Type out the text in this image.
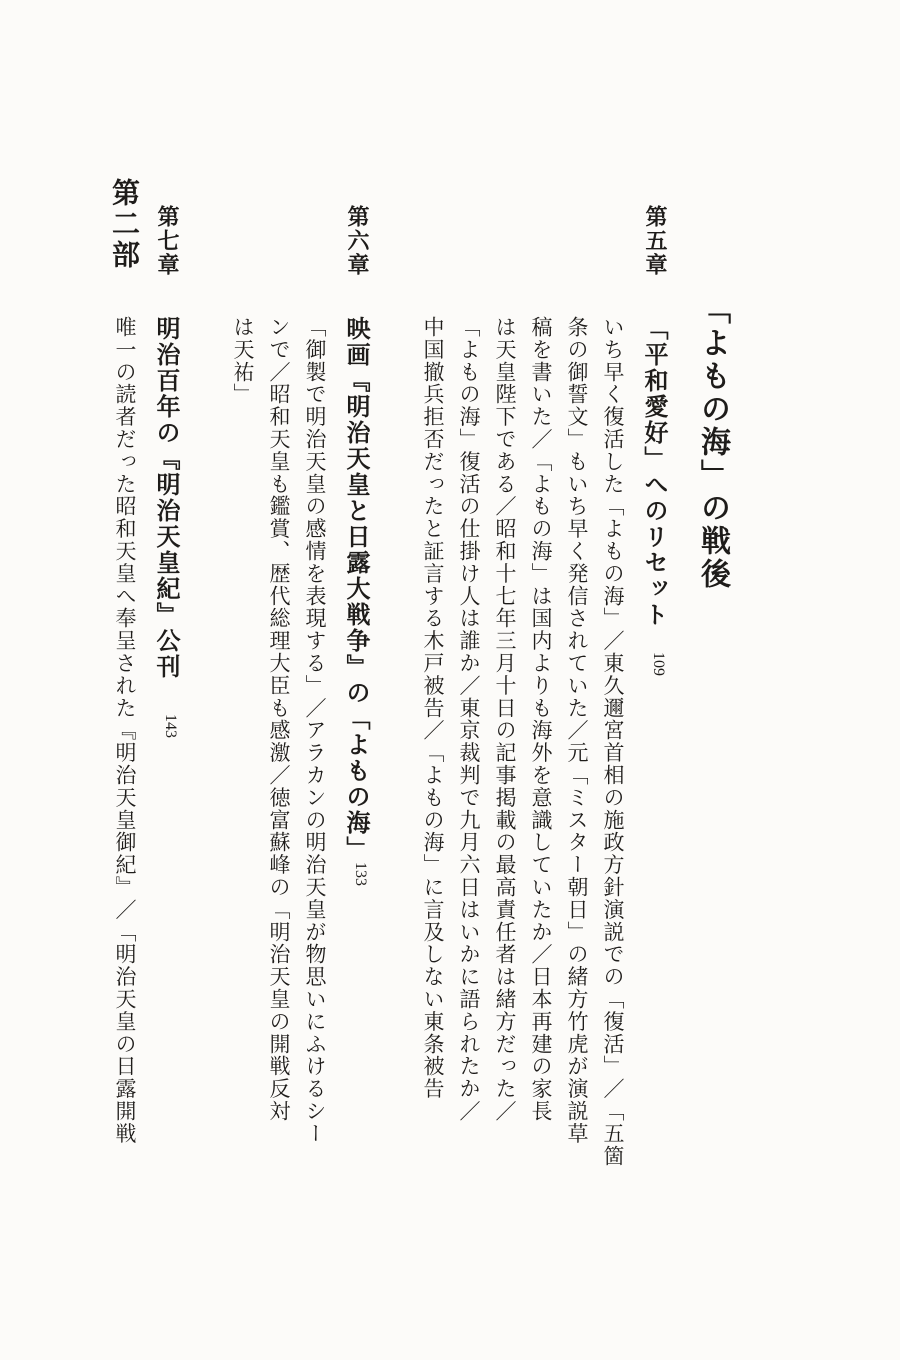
第二部
「よもの海」の戦後
第五章
「平和愛好」へのリセット
109
いち早く復活した「よもの海」／東久邇宮首相の施政方針演説での「復活」／「五箇
条の御誓文」もいち早く発信されていた／元「ミスター朝日」の緒方竹虎が演説草
稿を書いた／「よもの海」は国内よりも海外を意識していたか／日本再建の家長
は天皇陛下である／昭和十七年三月十日の記事掲載の最高責任者は緒方だった／
「よもの海」復活の仕掛け人は誰か／東京裁判で九月六日はいかに語られたか／
中国撤兵拒否だったと証言する木戸被告／「よもの海」に言及しない東条被告
第六章
映画『明治天皇と日露大戦争』の「よもの海」
133
「御製で明治天皇の感情を表現する」／アラカンの明治天皇が物思いにふけるシー
ンで／昭和天皇も鑑賞、歴代総理大臣も感激／徳富蘇峰の「明治天皇の開戦反対
は天祐」
第七章
明治百年の『明治天皇紀』公刊
143
唯一の読者だった昭和天皇へ奉呈された『明治天皇御紀』／「明治天皇の日露開戦
